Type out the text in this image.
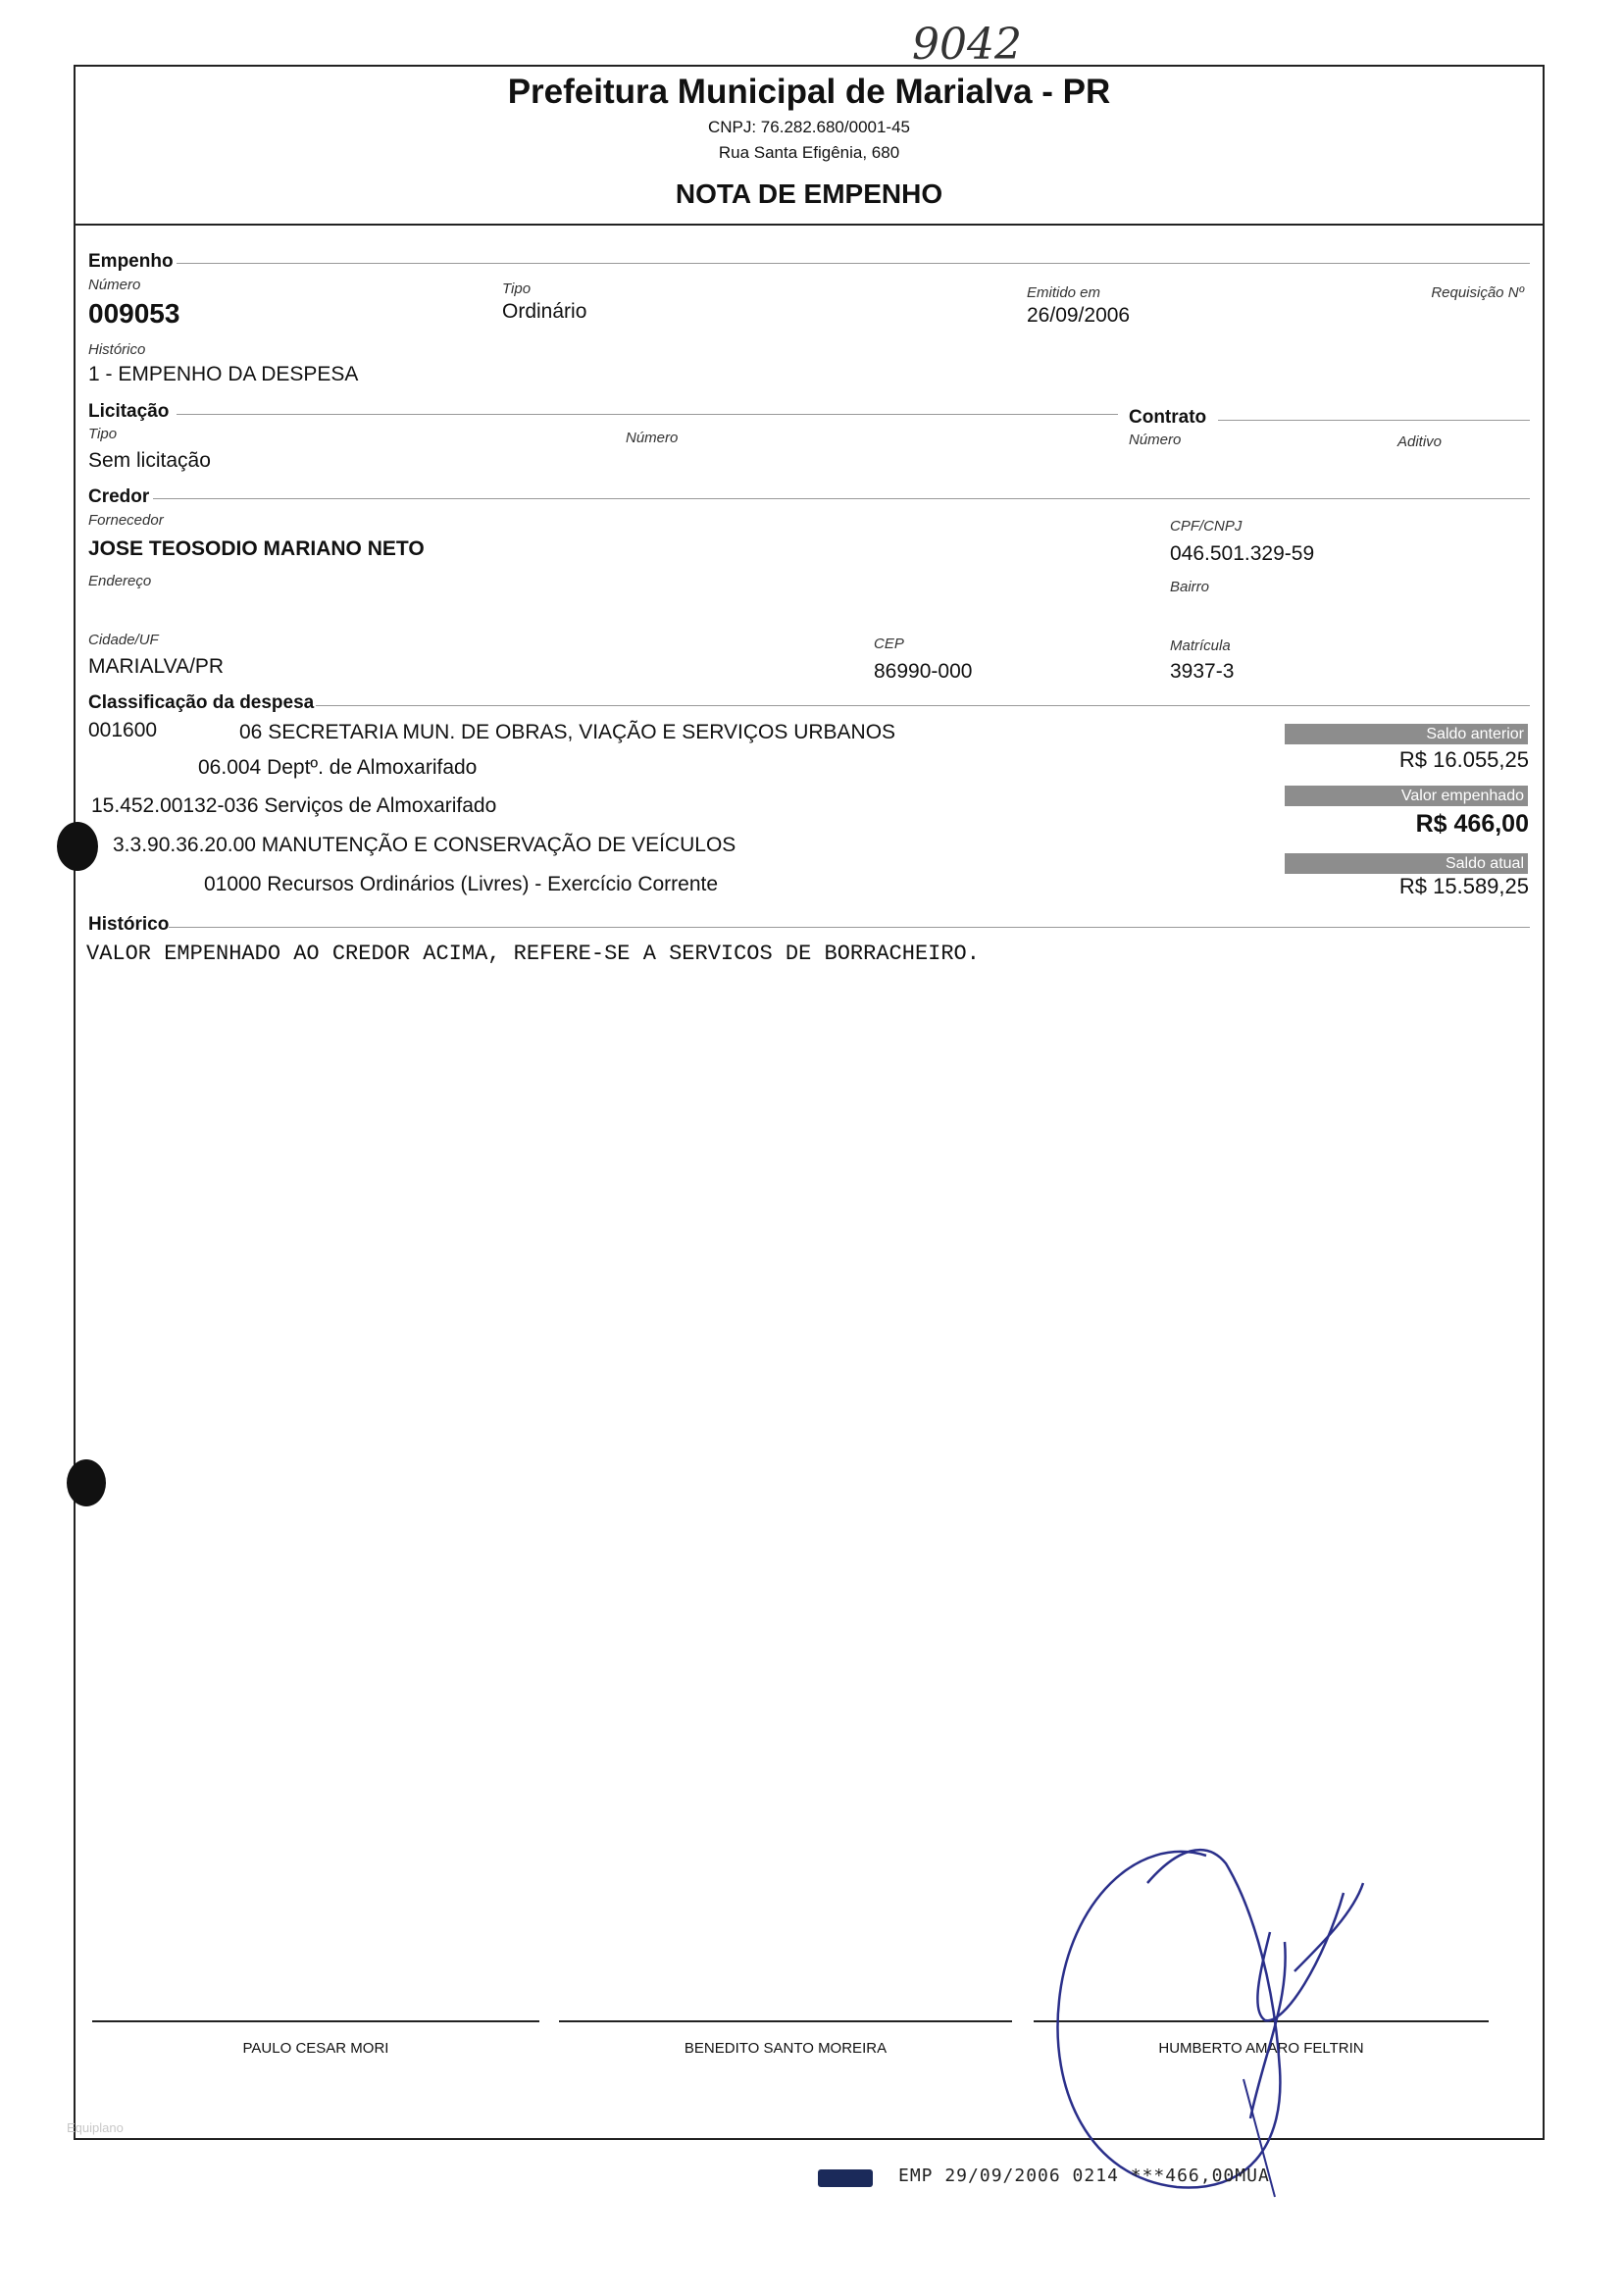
9042
Prefeitura Municipal de Marialva - PR
CNPJ: 76.282.680/0001-45
Rua Santa Efigênia, 680
NOTA DE EMPENHO
Empenho
Número
009053
Tipo
Ordinário
Emitido em
26/09/2006
Requisição Nº
Histórico
1 - EMPENHO DA DESPESA
Licitação
Tipo
Sem licitação
Número
Contrato
Número	Aditivo
Credor
Fornecedor
JOSE TEOSODIO MARIANO NETO
CPF/CNPJ
046.501.329-59
Endereço	Bairro
Cidade/UF
MARIALVA/PR
CEP
86990-000
Matrícula
3937-3
Classificação da despesa
001600	06 SECRETARIA MUN. DE OBRAS, VIAÇÃO E SERVIÇOS URBANOS
06.004 Deptº. de Almoxarifado
15.452.00132-036 Serviços de Almoxarifado
3.3.90.36.20.00 MANUTENÇÃO E CONSERVAÇÃO DE VEÍCULOS
01000 Recursos Ordinários (Livres) - Exercício Corrente
Saldo anterior
R$ 16.055,25
Valor empenhado
R$ 466,00
Saldo atual
R$ 15.589,25
Histórico
VALOR EMPENHADO AO CREDOR ACIMA, REFERE-SE A SERVICOS DE BORRACHEIRO.
PAULO CESAR MORI	BENEDITO SANTO MOREIRA	HUMBERTO AMARO FELTRIN
Equiplano
EMP 29/09/2006 0214 ***466,00MUA
